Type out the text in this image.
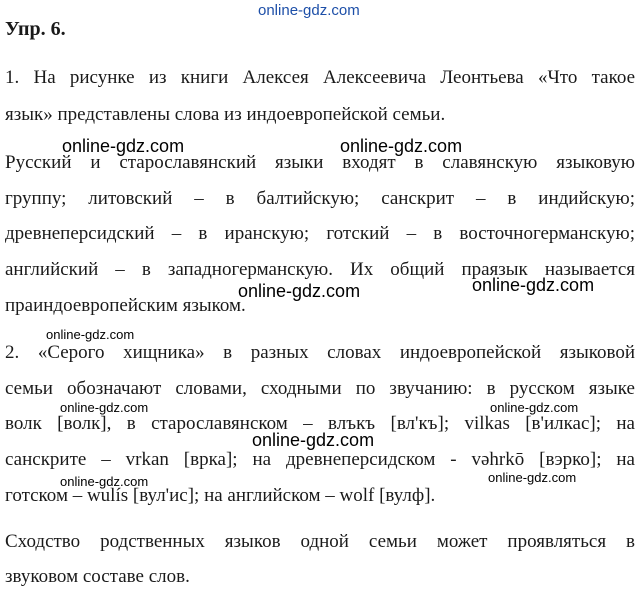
online-gdz.com
online-gdz.com	online-gdz.com
online-gdz.com	online-gdz.com
online-gdz.com
online-gdz.com	online-gdz.com
online-gdz.com
online-gdz.com	online-gdz.com
Упр. 6.
1. На рисунке из книги Алексея Алексеевича Леонтьева «Что такое
язык» представлены слова из индоевропейской семьи.
Русский и старославянский языки входят в славянскую языковую
группу; литовский – в балтийскую; санскрит – в индийскую;
древнеперсидский – в иранскую; готский – в восточногерманскую;
английский – в западногерманскую. Их общий праязык называется
праиндоевропейским языком.
2. «Серого хищника» в разных словах индоевропейской языковой
семьи обозначают словами, сходными по звучанию: в русском языке
волк [волк], в старославянском – влъкъ [вл'къ]; vilkas [в'илкас]; на
санскрите – vrkan [врка]; на древнеперсидском - vəhrkō [вэрко]; на
готском – wulís [вул'ис]; на английском – wolf [вулф].
Сходство родственных языков одной семьи может проявляться в
звуковом составе слов.
